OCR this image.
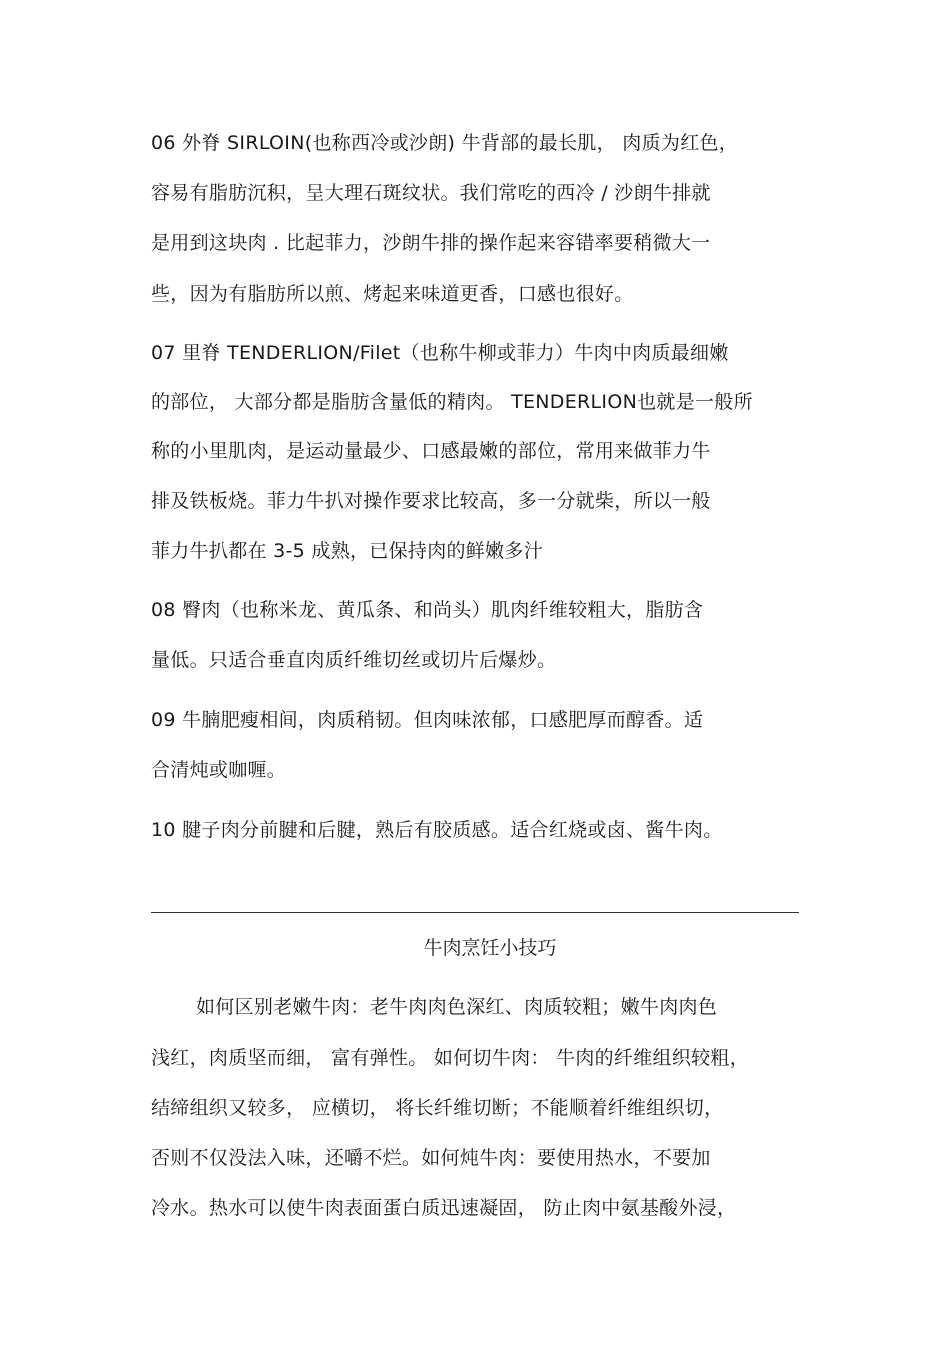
06 外脊 SIRLOIN(也称西冷或沙朗) 牛背部的最长肌， 肉质为红色，
容易有脂肪沉积，呈大理石斑纹状。我们常吃的西冷 / 沙朗牛排就
是用到这块肉 . 比起菲力，沙朗牛排的操作起来容错率要稍微大一
些，因为有脂肪所以煎、烤起来味道更香，口感也很好。
07 里脊 TENDERLION/Filet（也称牛柳或菲力）牛肉中肉质最细嫩
的部位， 大部分都是脂肪含量低的精肉。 TENDERLION也就是一般所
称的小里肌肉，是运动量最少、口感最嫩的部位，常用来做菲力牛
排及铁板烧。菲力牛扒对操作要求比较高，多一分就柴，所以一般
菲力牛扒都在 3-5 成熟，已保持肉的鲜嫩多汁
08 臀肉（也称米龙、黄瓜条、和尚头）肌肉纤维较粗大，脂肪含
量低。只适合垂直肉质纤维切丝或切片后爆炒。
09 牛腩肥瘦相间，肉质稍韧。但肉味浓郁，口感肥厚而醇香。适
合清炖或咖喱。
10 腱子肉分前腱和后腱，熟后有胶质感。适合红烧或卤、酱牛肉。
牛肉烹饪小技巧
如何区别老嫩牛肉：老牛肉肉色深红、肉质较粗；嫩牛肉肉色
浅红，肉质坚而细， 富有弹性。 如何切牛肉： 牛肉的纤维组织较粗，
结缔组织又较多， 应横切， 将长纤维切断；不能顺着纤维组织切，
否则不仅没法入味，还嚼不烂。如何炖牛肉：要使用热水，不要加
冷水。热水可以使牛肉表面蛋白质迅速凝固， 防止肉中氨基酸外浸，
